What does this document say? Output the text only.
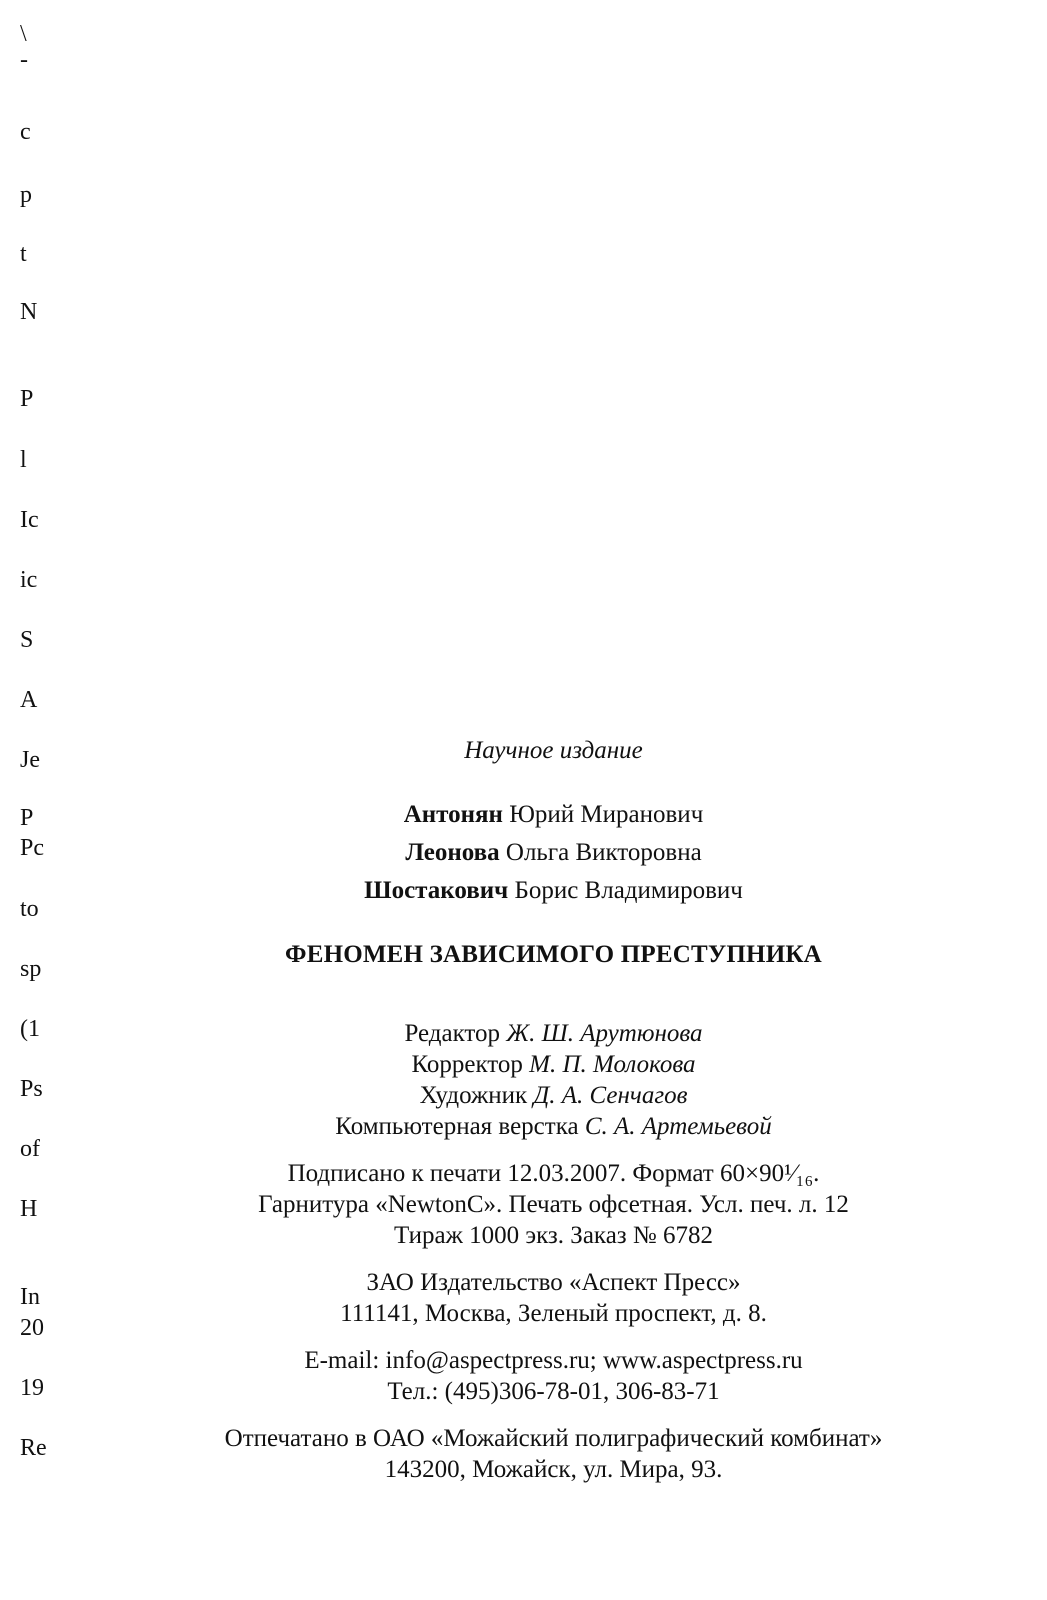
\
-
c
p
t
N
P
l
Ic
ic
S
A
Je
P
Pc
to
sp
(1
Ps
of
H
In
20
19
Re
Научное издание
Антонян Юрий Миранович
Леонова Ольга Викторовна
Шостакович Борис Владимирович
ФЕНОМЕН ЗАВИСИМОГО ПРЕСТУПНИКА
Редактор Ж. Ш. Арутюнова
Корректор М. П. Молокова
Художник Д. А. Сенчагов
Компьютерная верстка С. А. Артемьевой
Подписано к печати 12.03.2007. Формат 60×90¹⁄₁₆.
Гарнитура «NewtonC». Печать офсетная. Усл. печ. л. 12
Тираж 1000 экз. Заказ № 6782
ЗАО Издательство «Аспект Пресс»
111141, Москва, Зеленый проспект, д. 8.
E-mail: info@aspectpress.ru; www.aspectpress.ru
Тел.: (495)306-78-01, 306-83-71
Отпечатано в ОАО «Можайский полиграфический комбинат»
143200, Можайск, ул. Мира, 93.
